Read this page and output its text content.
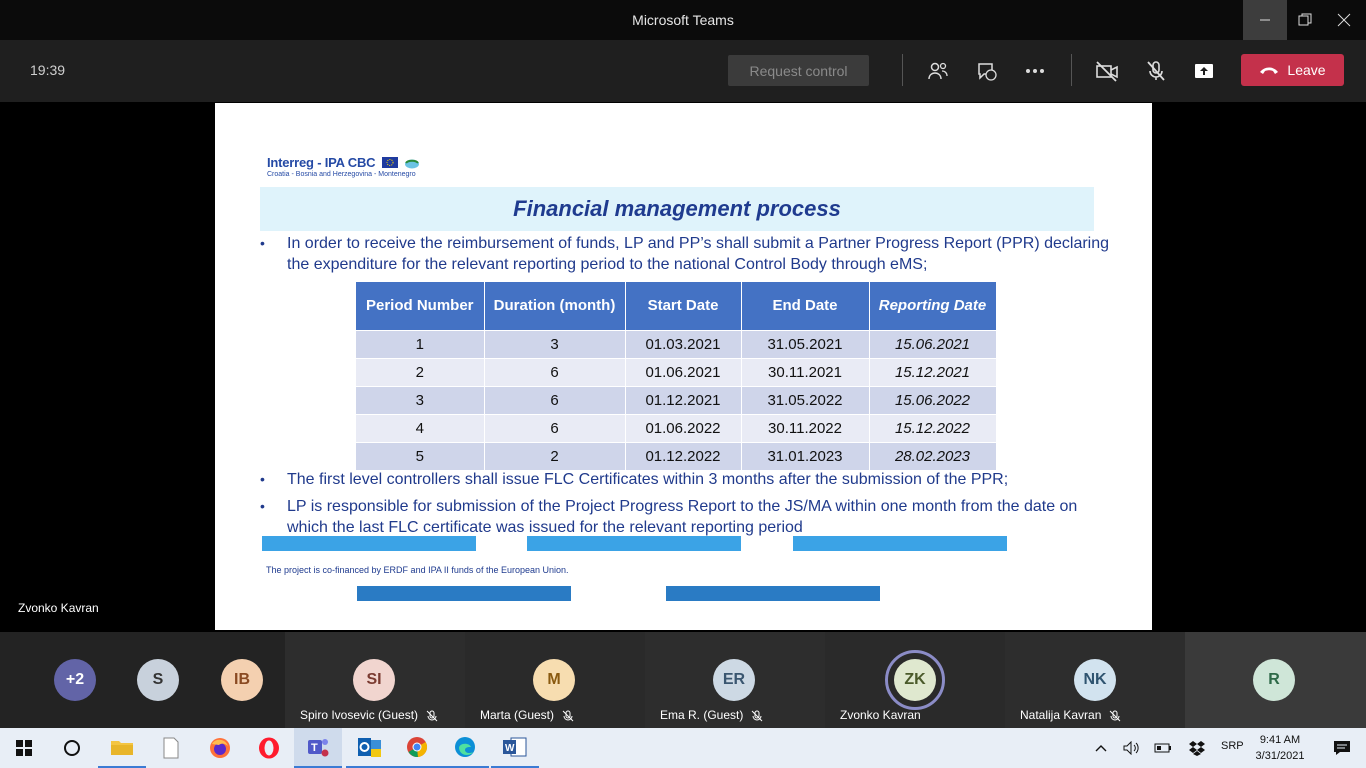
Microsoft Teams
19:39	Request control	Leave
Interreg - IPA CBC
Croatia - Bosnia and Herzegovina - Montenegro
Financial management process
• In order to receive the reimbursement of funds, LP and PP’s shall submit a Partner Progress Report (PPR) declaring the expenditure for the relevant reporting period to the national Control Body through eMS;
Period Number	Duration (month)	Start Date	End Date	Reporting Date
1	3	01.03.2021	31.05.2021	15.06.2021
2	6	01.06.2021	30.11.2021	15.12.2021
3	6	01.12.2021	31.05.2022	15.06.2022
4	6	01.06.2022	30.11.2022	15.12.2022
5	2	01.12.2022	31.01.2023	28.02.2023
• The first level controllers shall issue FLC Certificates within 3 months after the submission of the PPR;
• LP is responsible for submission of the Project Progress Report to the JS/MA within one month from the date on which the last FLC certificate was issued for the relevant reporting period
The project is co-financed by ERDF and IPA II funds of the European Union.
Zvonko Kavran
+2	S	IB	SI
Spiro Ivosevic (Guest)
M
Marta (Guest)
ER
Ema R. (Guest)
ZK
Zvonko Kavran
NK
Natalija Kavran
R
T	W	SRP	9:41 AM
3/31/2021
